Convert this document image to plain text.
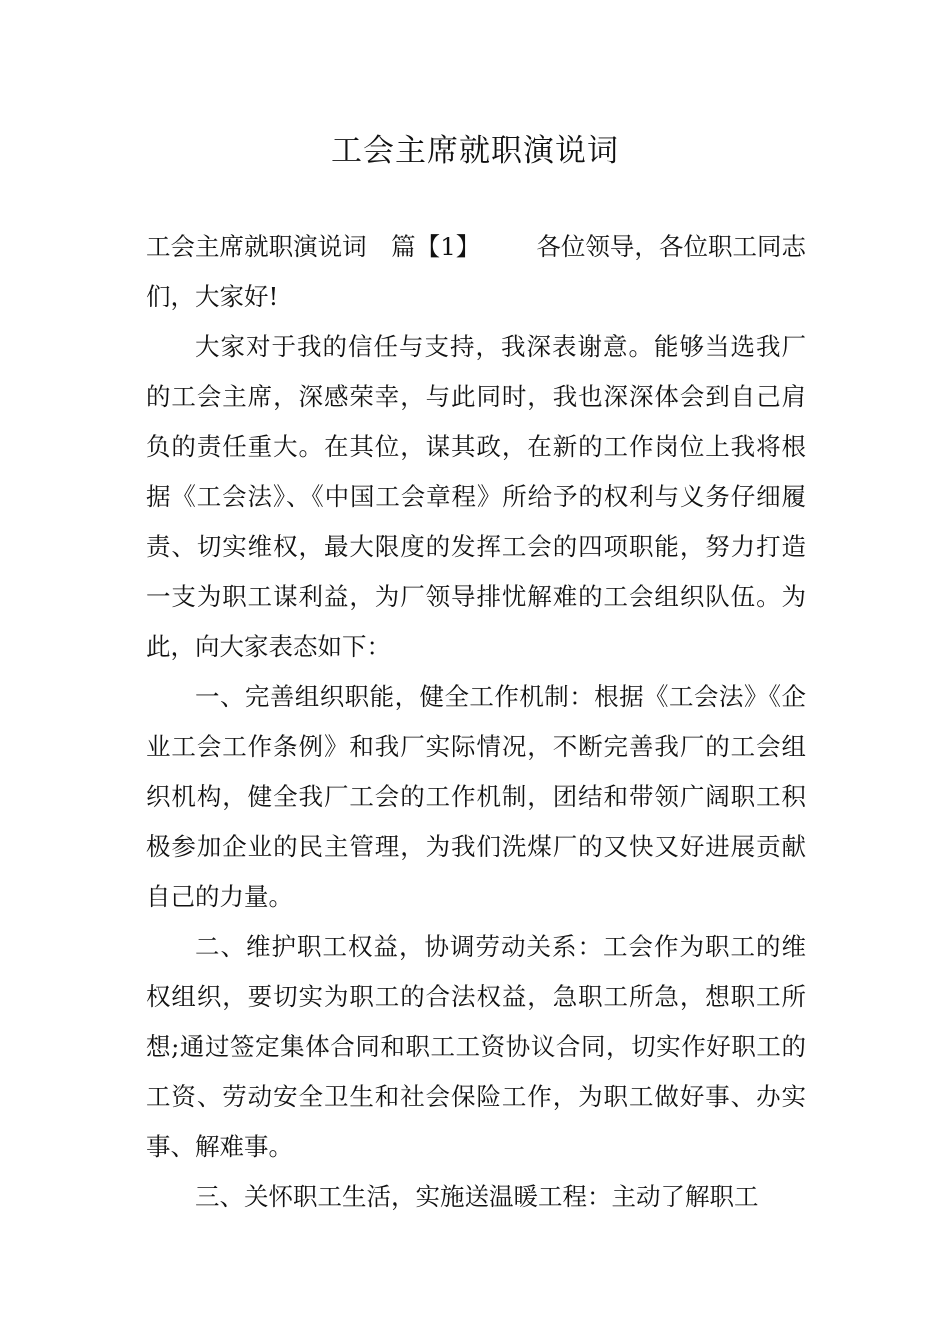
工会主席就职演说词

工会主席就职演说词　篇【1】 各位领导，各位职工同志们，大家好!

大家对于我的信任与支持，我深表谢意。能够当选我厂的工会主席，深感荣幸，与此同时，我也深深体会到自己肩负的责任重大。在其位，谋其政，在新的工作岗位上我将根据《工会法》、《中国工会章程》所给予的权利与义务仔细履责、切实维权，最大限度的发挥工会的四项职能，努力打造一支为职工谋利益，为厂领导排忧解难的工会组织队伍。为此，向大家表态如下：

一、完善组织职能，健全工作机制：根据《工会法》《企业工会工作条例》和我厂实际情况，不断完善我厂的工会组织机构，健全我厂工会的工作机制，团结和带领广阔职工积极参加企业的民主管理，为我们洗煤厂的又快又好进展贡献自己的力量。

二、维护职工权益，协调劳动关系：工会作为职工的维权组织，要切实为职工的合法权益，急职工所急，想职工所想;通过签定集体合同和职工工资协议合同，切实作好职工的工资、劳动安全卫生和社会保险工作，为职工做好事、办实事、解难事。

三、关怀职工生活，实施送温暖工程：主动了解职工
